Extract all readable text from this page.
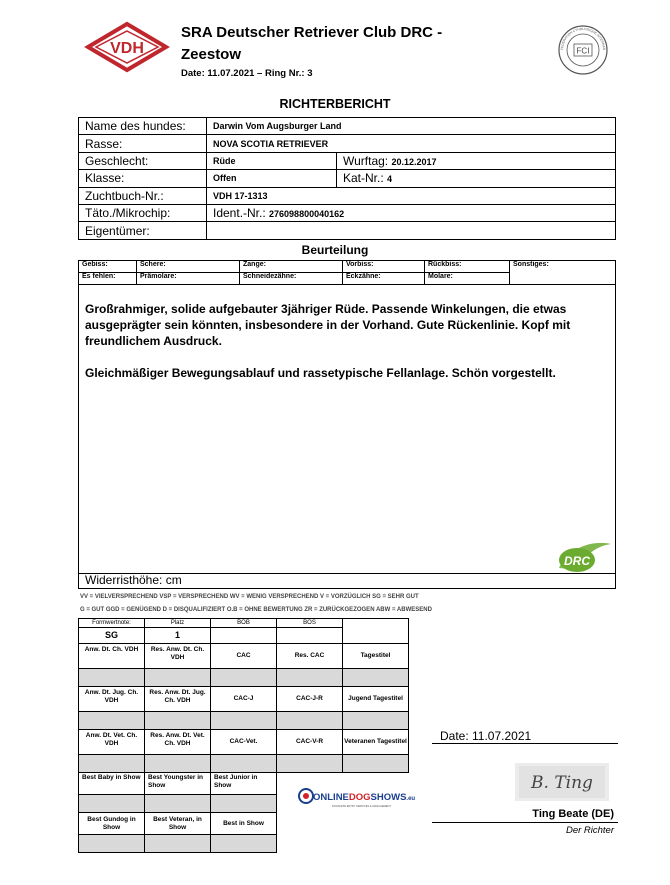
VDH
SRA Deutscher Retriever Club DRC - Zeestow
Date: 11.07.2021 – Ring Nr.: 3
FEDERATION CYNOLOGIQUE INTERNATI
FCI
RICHTERBERICHT
Name des hundes:	Darwin Vom Augsburger Land	
Rasse:	NOVA SCOTIA RETRIEVER	
Geschlecht:	Rüde	Wurftag: 20.12.2017
Klasse:	Offen	Kat-Nr.: 4
Zuchtbuch-Nr.:	VDH 17-1313	
Täto./Mikrochip:	Ident.-Nr.: 276098800040162	
Eigentümer:		
Beurteilung
Gebiss:	Schere:	Zange:	Vorbiss:	Rückbiss:	Sonstiges:
Es fehlen:	Prämolare:	Schneidezähne:	Eckzähne:	Molare:	

Großrahmiger, solide aufgebauter 3jähriger Rüde. Passende Winkelungen, die etwas ausgeprägter sein könnten, insbesondere in der Vorhand. Gute Rückenlinie. Kopf mit freundlichem Ausdruck.

Gleichmäßiger Bewegungsablauf und rassetypische Fellanlage. Schön vorgestellt.

DRC
Widerristhöhe: cm
VV = VIELVERSPRECHEND VSP = VERSPRECHEND WV = WENIG VERSPRECHEND V = VORZÜGLICH SG = SEHR GUT
G = GUT GGD = GENÜGEND D = DISQUALIFIZIERT O.B = OHNE BEWERTUNG ZR = ZURÜCKGEZOGEN ABW = ABWESEND
Formwertnote:	Platz	BOB	BOS	
SG	1			
Anw. Dt. Ch. VDH	Res. Anw. Dt. Ch. VDH	CAC	Res. CAC	Tagestitel

Anw. Dt. Jug. Ch. VDH	Res. Anw. Dt. Jug. Ch. VDH	CAC-J	CAC-J-R	Jugend Tagestitel

Anw. Dt. Vet. Ch. VDH	Res. Anw. Dt. Vet. Ch. VDH	CAC-Vet.	CAC-V-R	Veteranen Tagestitel

Best Baby in Show	Best Youngster in Show	Best Junior in Show		

Best Gundog in Show	Best Veteran, in Show	Best in Show		

ONLINEDOGSHOWS.eu
DOGSHOW ENTRY SERVICES & MANAGEMENT
Date: 11.07.2021
B. Ting
Ting Beate (DE)
Der Richter
